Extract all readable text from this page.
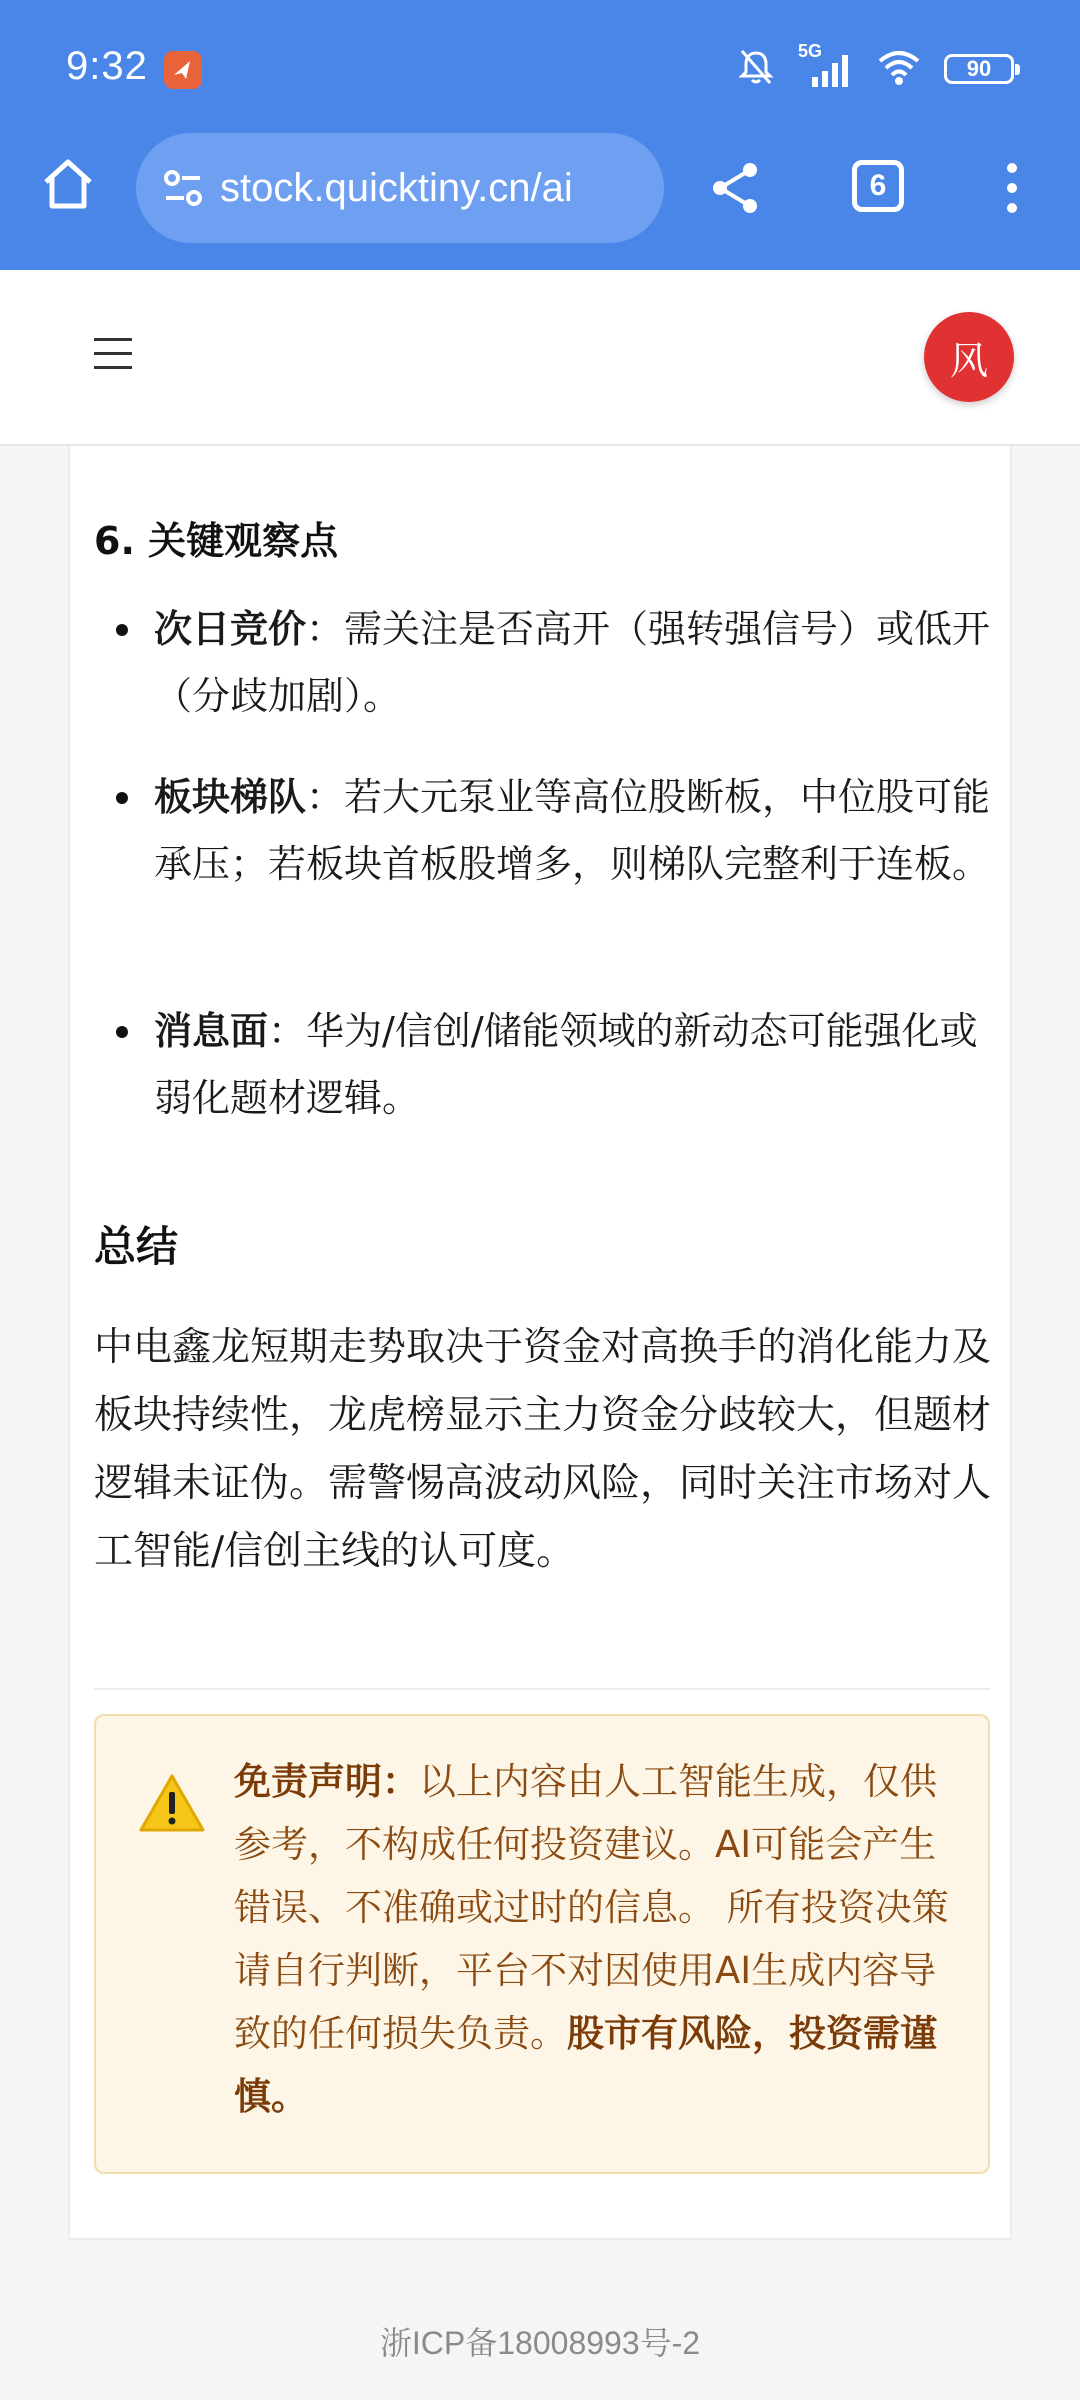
9:32	5G
90
stock.quicktiny.cn/ai	6
风
6. 关键观察点
次日竞价：需关注是否高开（强转强信号）或低开（分歧加剧）。
板块梯队：若大元泵业等高位股断板，中位股可能承压；若板块首板股增多，则梯队完整利于连板。
消息面：华为/信创/储能领域的新动态可能强化或弱化题材逻辑。
总结
中电鑫龙短期走势取决于资金对高换手的消化能力及板块持续性，龙虎榜显示主力资金分歧较大，但题材逻辑未证伪。需警惕高波动风险，同时关注市场对人工智能/信创主线的认可度。
免责声明：以上内容由人工智能生成，仅供参考，不构成任何投资建议。AI可能会产生错误、不准确或过时的信息。 所有投资决策请自行判断，平台不对因使用AI生成内容导致的任何损失负责。股市有风险，投资需谨慎。
浙ICP备18008993号-2
